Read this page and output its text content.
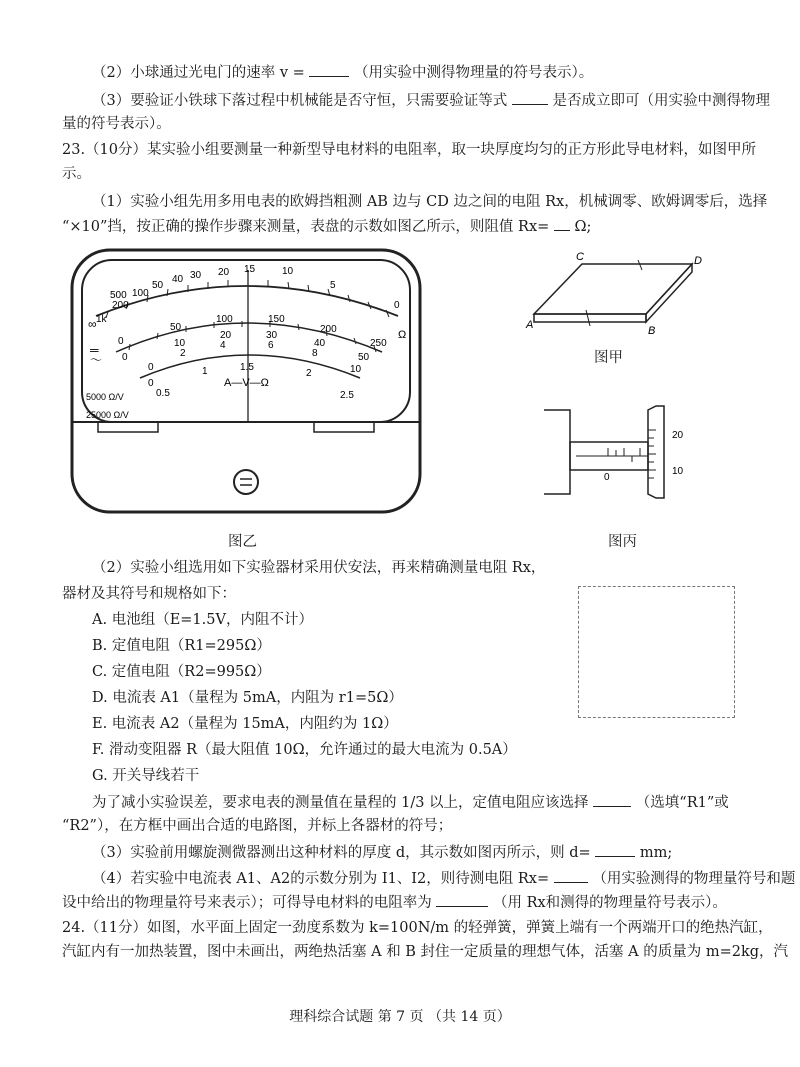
（2）小球通过光电门的速率 v =	（用实验中测得物理量的符号表示）。
（3）要验证小铁球下落过程中机械能是否守恒，只需要验证等式	是否成立即可（用实验中测得物理
量的符号表示）。
23.（10分）某实验小组要测量一种新型导电材料的电阻率，取一块厚度均匀的正方形此导电材料，如图甲所
示。
（1）实验小组先用多用电表的欧姆挡粗测 AB 边与 CD 边之间的电阻 Rx，机械调零、欧姆调零后，选择
“×10”挡，按正确的操作步骤来测量，表盘的示数如图乙所示，则阻值 Rx= Ω;
1k
500
200
100
50
40 30 20 15	10
5
0
∞
Ω
═
～
0
50
100	150
200
250
0
10
20	30
40
50
0
2
4	6
8
10
0
0.5
1	1.5
2
2.5
A—V—Ω
5000 Ω/V
25000 Ω/V
图乙
A	B
C	D
图甲
0
20
10
图丙
（2）实验小组选用如下实验器材采用伏安法，再来精确测量电阻 Rx，
器材及其符号和规格如下：
A. 电池组（E=1.5V，内阻不计）
B. 定值电阻（R1=295Ω）
C. 定值电阻（R2=995Ω）
D. 电流表 A1（量程为 5mA，内阻为 r1=5Ω）
E. 电流表 A2（量程为 15mA，内阻约为 1Ω）
F. 滑动变阻器 R（最大阻值 10Ω，允许通过的最大电流为 0.5A）
G. 开关导线若干
为了减小实验误差，要求电表的测量值在量程的 1/3 以上，定值电阻应该选择	（选填“R1”或
“R2”），在方框中画出合适的电路图，并标上各器材的符号；
（3）实验前用螺旋测微器测出这种材料的厚度 d，其示数如图丙所示，则 d=	mm;
（4）若实验中电流表 A1、A2的示数分别为 I1、I2，则待测电阻 Rx=	（用实验测得的物理量符号和题
设中给出的物理量符号来表示）；可得导电材料的电阻率为	（用 Rx和测得的物理量符号表示）。
24.（11分）如图，水平面上固定一劲度系数为 k=100N/m 的轻弹簧，弹簧上端有一个两端开口的绝热汽缸，
汽缸内有一加热装置，图中未画出，两绝热活塞 A 和 B 封住一定质量的理想气体，活塞 A 的质量为 m=2kg，汽
理科综合试题 第 7 页 （共 14 页）
